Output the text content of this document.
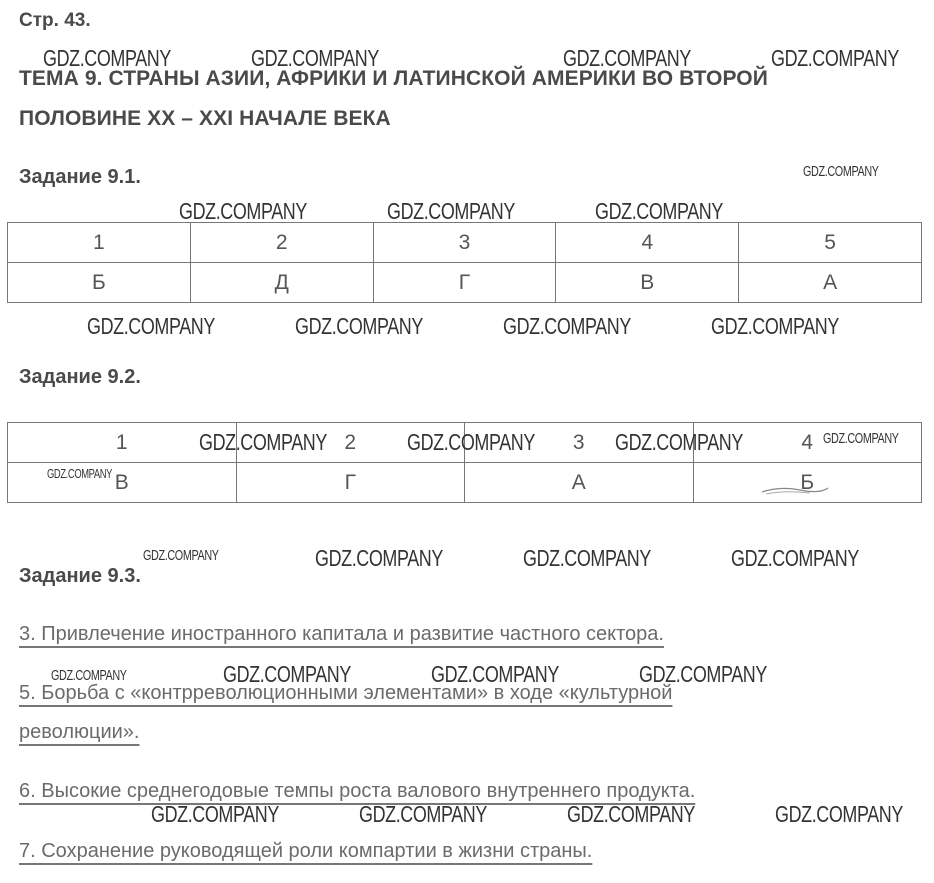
Стр. 43.
ТЕМА 9. СТРАНЫ АЗИИ, АФРИКИ И ЛАТИНСКОЙ АМЕРИКИ ВО ВТОРОЙ
ПОЛОВИНЕ XX – XXI НАЧАЛЕ ВЕКА
Задание 9.1.
1	2	3	4	5
Б	Д	Г	В	А
Задание 9.2.
1	2	3	4
В	Г	А	Б
Задание 9.3.
3. Привлечение иностранного капитала и развитие частного сектора.
5. Борьба с «контрреволюционными элементами» в ходе «культурной
революции».
6. Высокие среднегодовые темпы роста валового внутреннего продукта.
7. Сохранение руководящей роли компартии в жизни страны.
GDZ.COMPANY	GDZ.COMPANY	GDZ.COMPANY	GDZ.COMPANY
GDZ.COMPANY
GDZ.COMPANY	GDZ.COMPANY	GDZ.COMPANY
GDZ.COMPANY	GDZ.COMPANY	GDZ.COMPANY	GDZ.COMPANY
GDZ.COMPANY	GDZ.COMPANY	GDZ.COMPANY	GDZ.COMPANY
GDZ.COMPANY
GDZ.COMPANY	GDZ.COMPANY	GDZ.COMPANY	GDZ.COMPANY
GDZ.COMPANY	GDZ.COMPANY	GDZ.COMPANY	GDZ.COMPANY
GDZ.COMPANY	GDZ.COMPANY	GDZ.COMPANY	GDZ.COMPANY
